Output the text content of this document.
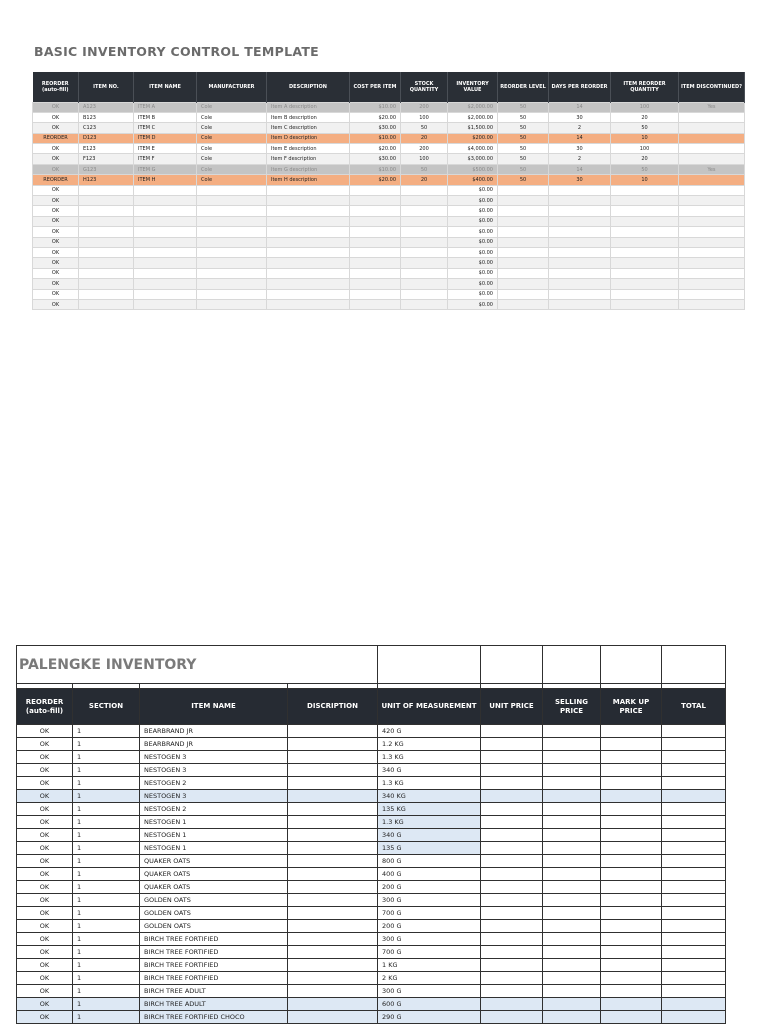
BASIC INVENTORY CONTROL TEMPLATE
REORDER (auto-fill)	ITEM NO.	ITEM NAME	MANUFACTURER	DESCRIPTION	COST PER ITEM	STOCK QUANTITY	INVENTORY VALUE	REORDER LEVEL	DAYS PER REORDER	ITEM REORDER QUANTITY	ITEM DISCONTINUED?
OK	A123	ITEM A	Cole	Item A description	$10.00	200	$2,000.00	50	14	100	Yes
OK	B123	ITEM B	Cole	Item B description	$20.00	100	$2,000.00	50	30	20	
OK	C123	ITEM C	Cole	Item C description	$30.00	50	$1,500.00	50	2	50	
REORDER	D123	ITEM D	Cole	Item D description	$10.00	20	$200.00	50	14	10	
OK	E123	ITEM E	Cole	Item E description	$20.00	200	$4,000.00	50	30	100	
OK	F123	ITEM F	Cole	Item F description	$30.00	100	$3,000.00	50	2	20	
OK	G123	ITEM G	Cole	Item G description	$10.00	50	$500.00	50	14	50	Yes
REORDER	H123	ITEM H	Cole	Item H description	$20.00	20	$400.00	50	30	10	
OK							$0.00				
OK							$0.00				
OK							$0.00				
OK							$0.00				
OK							$0.00				
OK							$0.00				
OK							$0.00				
OK							$0.00				
OK							$0.00				
OK							$0.00				
OK							$0.00				
OK							$0.00				
PALENGKE INVENTORY								

REORDER (auto-fill)	SECTION	ITEM NAME	DISCRIPTION	UNIT OF MEASUREMENT	UNIT PRICE	SELLING PRICE	MARK UP PRICE	TOTAL
OK	1	BEARBRAND JR		420 G				
OK	1	BEARBRAND JR		1.2 KG				
OK	1	NESTOGEN 3		1.3 KG				
OK	1	NESTOGEN 3		340 G				
OK	1	NESTOGEN 2		1.3 KG				
OK	1	NESTOGEN 3		340 KG				
OK	1	NESTOGEN 2		135 KG				
OK	1	NESTOGEN 1		1.3 KG				
OK	1	NESTOGEN 1		340 G				
OK	1	NESTOGEN 1		135 G				
OK	1	QUAKER OATS		800 G				
OK	1	QUAKER OATS		400 G				
OK	1	QUAKER OATS		200 G				
OK	1	GOLDEN OATS		300 G				
OK	1	GOLDEN OATS		700 G				
OK	1	GOLDEN OATS		200 G				
OK	1	BIRCH TREE FORTIFIED		300 G				
OK	1	BIRCH TREE FORTIFIED		700 G				
OK	1	BIRCH TREE FORTIFIED		1 KG				
OK	1	BIRCH TREE FORTIFIED		2 KG				
OK	1	BIRCH TREE ADULT		300 G				
OK	1	BIRCH TREE ADULT		600 G				
OK	1	BIRCH TREE FORTIFIED CHOCO		290 G				
